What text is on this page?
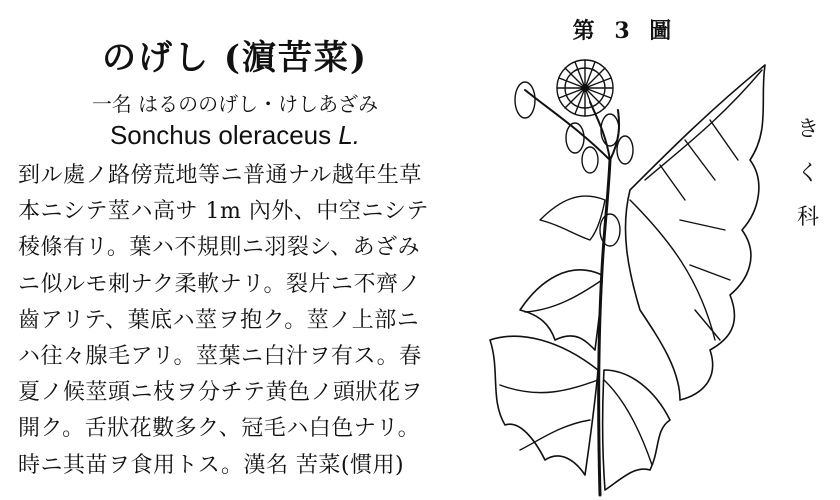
のげし (濵苦菜)
一名 はるののげし・けしあざみ
Sonchus oleraceus L.
到ル處ノ路傍荒地等ニ普通ナル越年生草
本ニシテ莖ハ高サ 1m 內外、中空ニシテ
稜條有リ。葉ハ不規則ニ羽裂シ、あざみ
ニ似ルモ刺ナク柔軟ナリ。裂片ニ不齊ノ
齒アリテ、葉底ハ莖ヲ抱ク。莖ノ上部ニ
ハ往々腺毛アリ。莖葉ニ白汁ヲ有ス。春
夏ノ候莖頭ニ枝ヲ分チテ黄色ノ頭狀花ヲ
開ク。舌狀花數多ク、冠毛ハ白色ナリ。
時ニ其苗ヲ食用トス。漢名 苦菜(慣用)
第 3 圖
き
く
科
